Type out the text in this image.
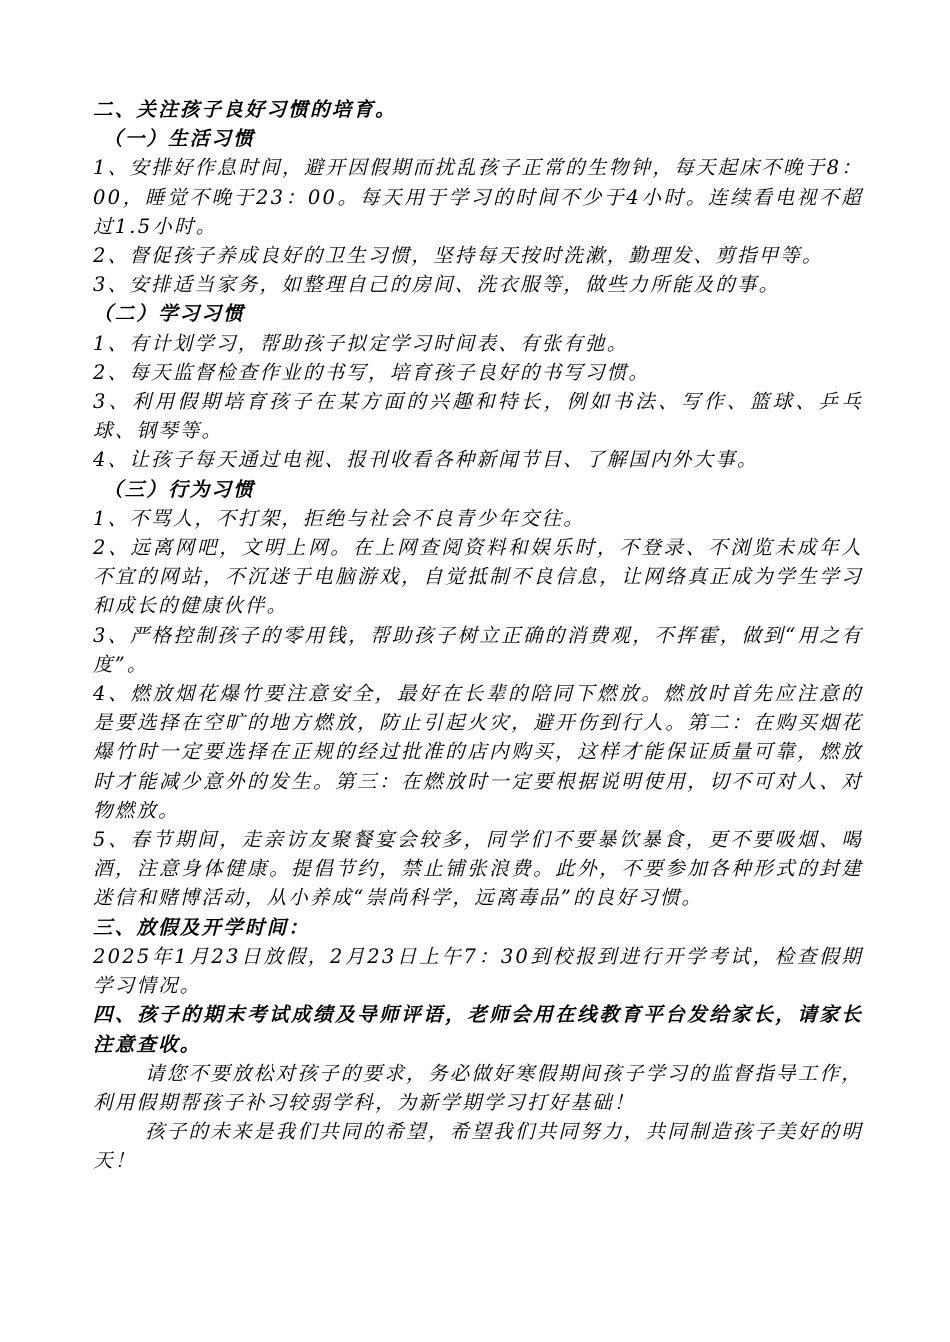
二、关注孩子良好习惯的培育。

（一）生活习惯

1、安排好作息时间，避开因假期而扰乱孩子正常的生物钟，每天起床不晚于8：00，睡觉不晚于23：00。每天用于学习的时间不少于4小时。连续看电视不超过1.5小时。

2、督促孩子养成良好的卫生习惯，坚持每天按时洗漱，勤理发、剪指甲等。

3、安排适当家务，如整理自己的房间、洗衣服等，做些力所能及的事。

（二）学习习惯

1、有计划学习，帮助孩子拟定学习时间表、有张有弛。

2、每天监督检查作业的书写，培育孩子良好的书写习惯。

3、利用假期培育孩子在某方面的兴趣和特长，例如书法、写作、篮球、乒乓球、钢琴等。

4、让孩子每天通过电视、报刊收看各种新闻节目、了解国内外大事。

（三）行为习惯

1、不骂人，不打架，拒绝与社会不良青少年交往。

2、远离网吧，文明上网。在上网查阅资料和娱乐时，不登录、不浏览未成年人不宜的网站，不沉迷于电脑游戏，自觉抵制不良信息，让网络真正成为学生学习和成长的健康伙伴。

3、严格控制孩子的零用钱，帮助孩子树立正确的消费观，不挥霍，做到“用之有度”。

4、燃放烟花爆竹要注意安全，最好在长辈的陪同下燃放。燃放时首先应注意的是要选择在空旷的地方燃放，防止引起火灾，避开伤到行人。第二：在购买烟花爆竹时一定要选择在正规的经过批准的店内购买，这样才能保证质量可靠，燃放时才能减少意外的发生。第三：在燃放时一定要根据说明使用，切不可对人、对物燃放。

5、春节期间，走亲访友聚餐宴会较多，同学们不要暴饮暴食，更不要吸烟、喝酒，注意身体健康。提倡节约，禁止铺张浪费。此外，不要参加各种形式的封建迷信和赌博活动，从小养成“崇尚科学，远离毒品”的良好习惯。

三、放假及开学时间：

2025年1月23日放假，2月23日上午7：30到校报到进行开学考试，检查假期学习情况。

四、孩子的期末考试成绩及导师评语，老师会用在线教育平台发给家长，请家长注意查收。

请您不要放松对孩子的要求，务必做好寒假期间孩子学习的监督指导工作，利用假期帮孩子补习较弱学科，为新学期学习打好基础！

孩子的未来是我们共同的希望，希望我们共同努力，共同制造孩子美好的明天！
